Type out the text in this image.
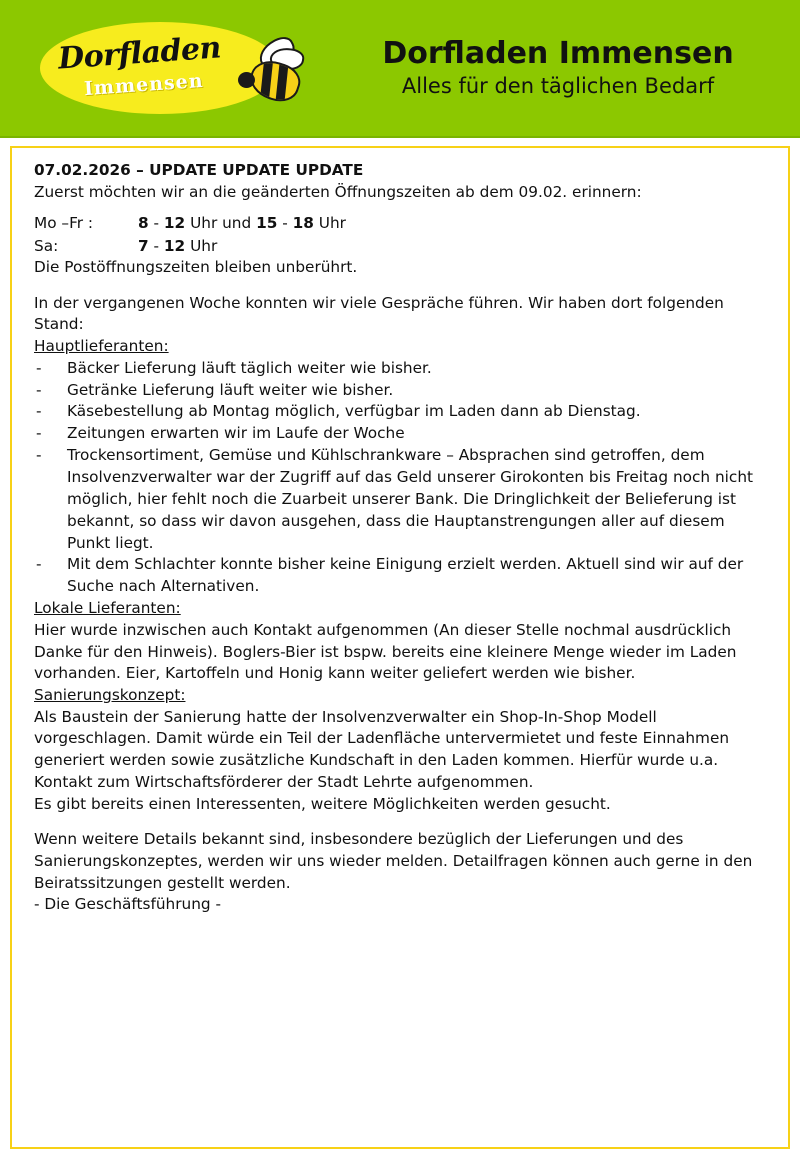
Dorfladen
Immensen
Dorfladen Immensen
Alles für den täglichen Bedarf
07.02.2026 – UPDATE UPDATE UPDATE
Zuerst möchten wir an die geänderten Öffnungszeiten ab dem 09.02. erinnern:
Mo –Fr :	8 - 12 Uhr und 15 - 18 Uhr
Sa:	7 - 12 Uhr
Die Postöffnungszeiten bleiben unberührt.
In der vergangenen Woche konnten wir viele Gespräche führen. Wir haben dort folgenden Stand:
Hauptlieferanten:
- Bäcker Lieferung läuft täglich weiter wie bisher.
- Getränke Lieferung läuft weiter wie bisher.
- Käsebestellung ab Montag möglich, verfügbar im Laden dann ab Dienstag.
- Zeitungen erwarten wir im Laufe der Woche
- Trockensortiment, Gemüse und Kühlschrankware – Absprachen sind getroffen, dem Insolvenzverwalter war der Zugriff auf das Geld unserer Girokonten bis Freitag noch nicht möglich, hier fehlt noch die Zuarbeit unserer Bank. Die Dringlichkeit der Belieferung ist bekannt, so dass wir davon ausgehen, dass die Hauptanstrengungen aller auf diesem Punkt liegt.
- Mit dem Schlachter konnte bisher keine Einigung erzielt werden. Aktuell sind wir auf der Suche nach Alternativen.
Lokale Lieferanten:
Hier wurde inzwischen auch Kontakt aufgenommen (An dieser Stelle nochmal ausdrücklich Danke für den Hinweis). Boglers-Bier ist bspw. bereits eine kleinere Menge wieder im Laden vorhanden. Eier, Kartoffeln und Honig kann weiter geliefert werden wie bisher.
Sanierungskonzept:
Als Baustein der Sanierung hatte der Insolvenzverwalter ein Shop-In-Shop Modell vorgeschlagen. Damit würde ein Teil der Ladenfläche untervermietet und feste Einnahmen generiert werden sowie zusätzliche Kundschaft in den Laden kommen. Hierfür wurde u.a. Kontakt zum Wirtschaftsförderer der Stadt Lehrte aufgenommen.
Es gibt bereits einen Interessenten, weitere Möglichkeiten werden gesucht.
Wenn weitere Details bekannt sind, insbesondere bezüglich der Lieferungen und des Sanierungskonzeptes, werden wir uns wieder melden. Detailfragen können auch gerne in den Beiratssitzungen gestellt werden.
- Die Geschäftsführung -
